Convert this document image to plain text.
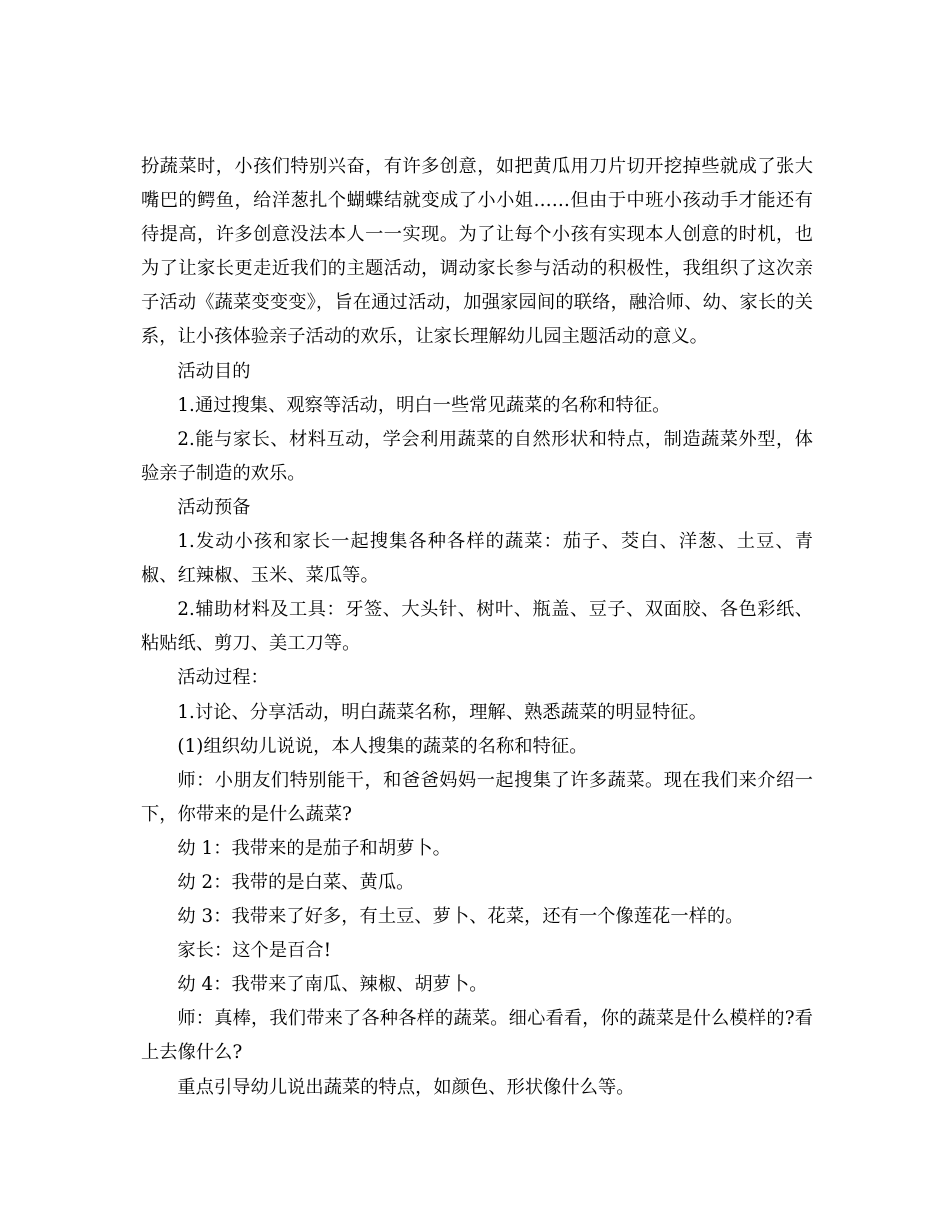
扮蔬菜时，小孩们特别兴奋，有许多创意，如把黄瓜用刀片切开挖掉些就成了张大嘴巴的鳄鱼，给洋葱扎个蝴蝶结就变成了小小姐……但由于中班小孩动手才能还有待提高，许多创意没法本人一一实现。为了让每个小孩有实现本人创意的时机，也为了让家长更走近我们的主题活动，调动家长参与活动的积极性，我组织了这次亲子活动《蔬菜变变变》，旨在通过活动，加强家园间的联络，融洽师、幼、家长的关系，让小孩体验亲子活动的欢乐，让家长理解幼儿园主题活动的意义。

活动目的

1.通过搜集、观察等活动，明白一些常见蔬菜的名称和特征。

2.能与家长、材料互动，学会利用蔬菜的自然形状和特点，制造蔬菜外型，体验亲子制造的欢乐。

活动预备

1.发动小孩和家长一起搜集各种各样的蔬菜：茄子、茭白、洋葱、土豆、青椒、红辣椒、玉米、菜瓜等。

2.辅助材料及工具：牙签、大头针、树叶、瓶盖、豆子、双面胶、各色彩纸、粘贴纸、剪刀、美工刀等。

活动过程：

1.讨论、分享活动，明白蔬菜名称，理解、熟悉蔬菜的明显特征。

(1)组织幼儿说说，本人搜集的蔬菜的名称和特征。

师：小朋友们特别能干，和爸爸妈妈一起搜集了许多蔬菜。现在我们来介绍一下，你带来的是什么蔬菜?

幼 1：我带来的是茄子和胡萝卜。

幼 2：我带的是白菜、黄瓜。

幼 3：我带来了好多，有土豆、萝卜、花菜，还有一个像莲花一样的。

家长：这个是百合!

幼 4：我带来了南瓜、辣椒、胡萝卜。

师：真棒，我们带来了各种各样的蔬菜。细心看看，你的蔬菜是什么模样的?看上去像什么?

重点引导幼儿说出蔬菜的特点，如颜色、形状像什么等。
